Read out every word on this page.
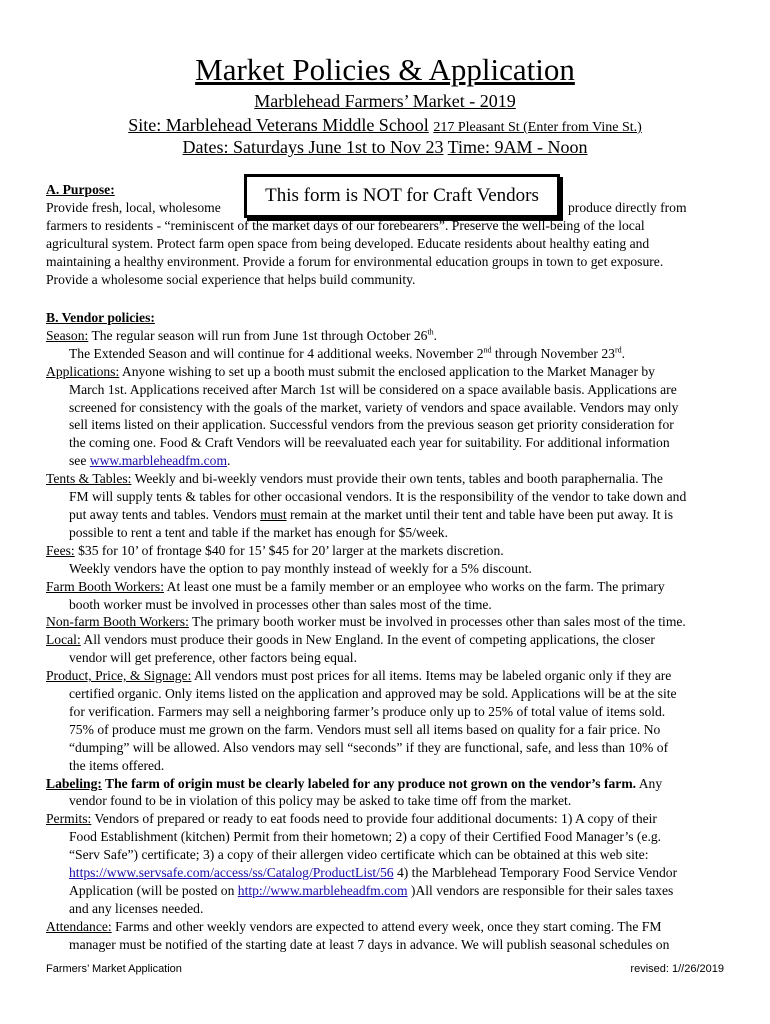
Market Policies & Application
Marblehead Farmers’ Market - 2019
Site: Marblehead Veterans Middle School 217 Pleasant St (Enter from Vine St.)
Dates: Saturdays June 1st to Nov 23 Time: 9AM - Noon
This form is NOT for Craft Vendors
A. Purpose:
Provide fresh, local, wholesome	produce directly from
farmers to residents - “reminiscent of the market days of our forebearers”. Preserve the well-being of the local
agricultural system. Protect farm open space from being developed. Educate residents about healthy eating and
maintaining a healthy environment. Provide a forum for environmental education groups in town to get exposure.
Provide a wholesome social experience that helps build community.
B. Vendor policies:
Season: The regular season will run from June 1st through October 26th.
The Extended Season and will continue for 4 additional weeks. November 2nd through November 23rd.
Applications: Anyone wishing to set up a booth must submit the enclosed application to the Market Manager by
March 1st. Applications received after March 1st will be considered on a space available basis. Applications are
screened for consistency with the goals of the market, variety of vendors and space available. Vendors may only
sell items listed on their application. Successful vendors from the previous season get priority consideration for
the coming one. Food & Craft Vendors will be reevaluated each year for suitability. For additional information
see www.marbleheadfm.com.
Tents & Tables: Weekly and bi-weekly vendors must provide their own tents, tables and booth paraphernalia. The
FM will supply tents & tables for other occasional vendors. It is the responsibility of the vendor to take down and
put away tents and tables. Vendors must remain at the market until their tent and table have been put away. It is
possible to rent a tent and table if the market has enough for $5/week.
Fees: $35 for 10’ of frontage $40 for 15’ $45 for 20’ larger at the markets discretion.
Weekly vendors have the option to pay monthly instead of weekly for a 5% discount.
Farm Booth Workers: At least one must be a family member or an employee who works on the farm. The primary
booth worker must be involved in processes other than sales most of the time.
Non-farm Booth Workers: The primary booth worker must be involved in processes other than sales most of the time.
Local: All vendors must produce their goods in New England. In the event of competing applications, the closer
vendor will get preference, other factors being equal.
Product, Price, & Signage: All vendors must post prices for all items. Items may be labeled organic only if they are
certified organic. Only items listed on the application and approved may be sold. Applications will be at the site
for verification. Farmers may sell a neighboring farmer’s produce only up to 25% of total value of items sold.
75% of produce must me grown on the farm. Vendors must sell all items based on quality for a fair price. No
“dumping” will be allowed. Also vendors may sell “seconds” if they are functional, safe, and less than 10% of
the items offered.
Labeling: The farm of origin must be clearly labeled for any produce not grown on the vendor’s farm. Any
vendor found to be in violation of this policy may be asked to take time off from the market.
Permits: Vendors of prepared or ready to eat foods need to provide four additional documents: 1) A copy of their
Food Establishment (kitchen) Permit from their hometown; 2) a copy of their Certified Food Manager’s (e.g.
“Serv Safe”) certificate; 3) a copy of their allergen video certificate which can be obtained at this web site:
https://www.servsafe.com/access/ss/Catalog/ProductList/56 4) the Marblehead Temporary Food Service Vendor
Application (will be posted on http://www.marbleheadfm.com )All vendors are responsible for their sales taxes
and any licenses needed.
Attendance: Farms and other weekly vendors are expected to attend every week, once they start coming. The FM
manager must be notified of the starting date at least 7 days in advance. We will publish seasonal schedules on
Farmers’ Market Application	revised: 1//26/2019
